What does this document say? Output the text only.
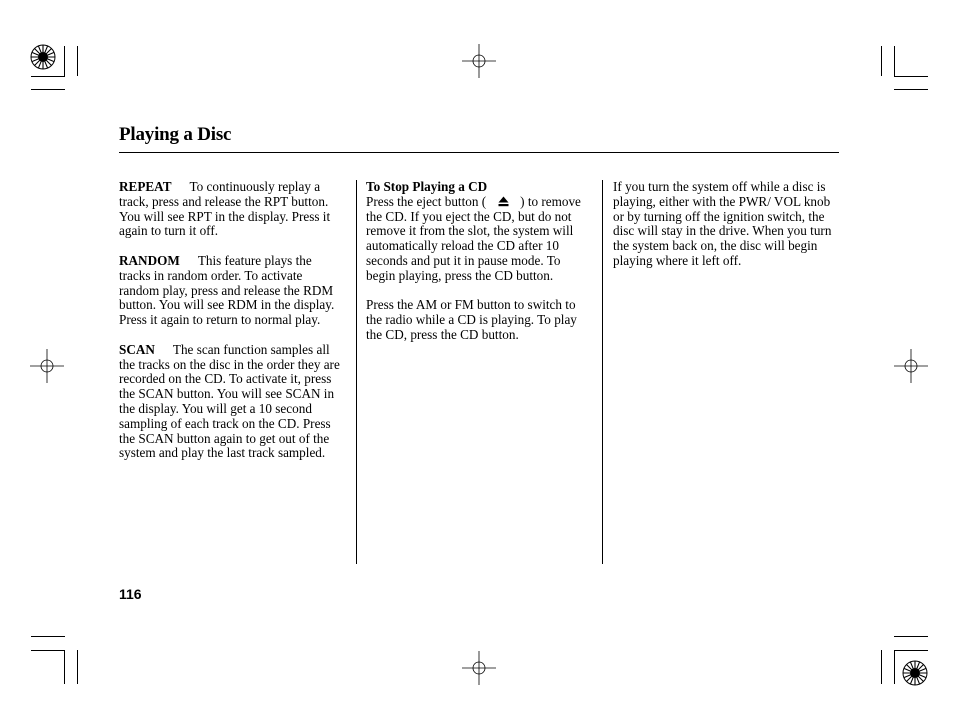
Playing a Disc

REPEAT To continuously replay a track, press and release the RPT button. You will see RPT in the display. Press it again to turn it off.

RANDOM This feature plays the tracks in random order. To activate random play, press and release the RDM button. You will see RDM in the display. Press it again to return to normal play.

SCAN The scan function samples all the tracks on the disc in the order they are recorded on the CD. To activate it, press the SCAN button. You will see SCAN in the display. You will get a 10 second sampling of each track on the CD. Press the SCAN button again to get out of the system and play the last track sampled.

To Stop Playing a CD
Press the eject button (	) to remove the CD. If you eject the CD, but do not remove it from the slot, the system will automatically reload the CD after 10 seconds and put it in pause mode. To begin playing, press the CD button.

Press the AM or FM button to switch to the radio while a CD is playing. To play the CD, press the CD button.

If you turn the system off while a disc is playing, either with the PWR/ VOL knob or by turning off the ignition switch, the disc will stay in the drive. When you turn the system back on, the disc will begin playing where it left off.

116
